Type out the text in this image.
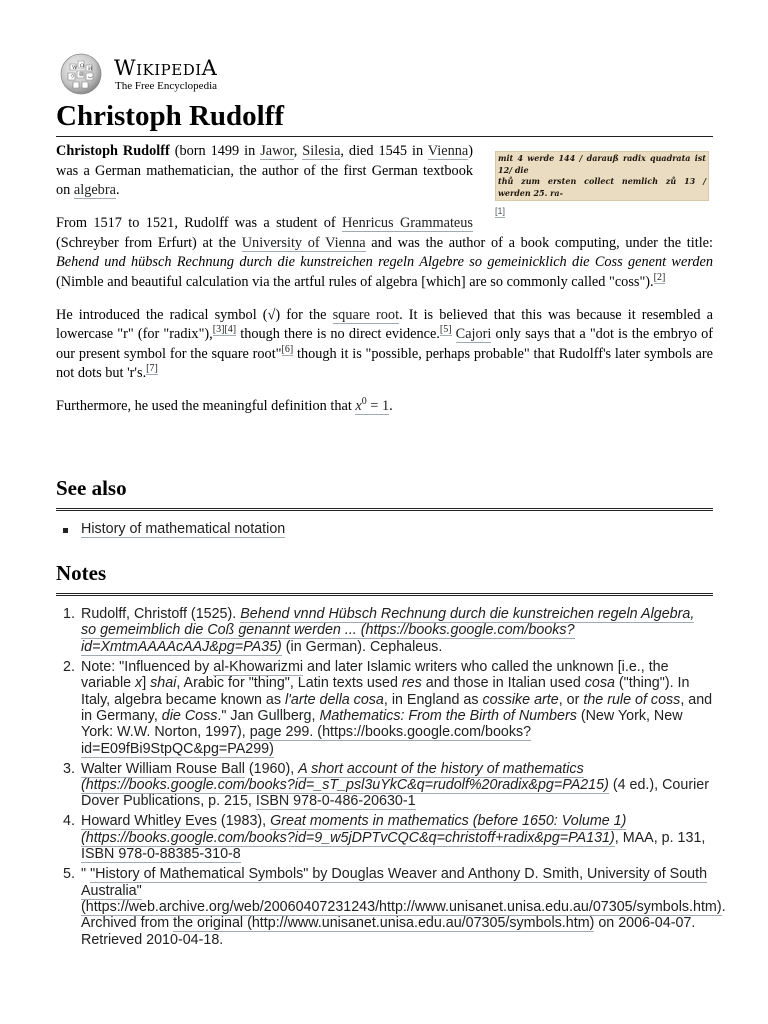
W Ω И
ウ 維 ب WIKIPEDIA
The Free Encyclopedia
Christoph Rudolff
mit 4 werde 144 / darauß radix quadrata ist 12/ die
thů zum ersten collect nemlich zů 13 / werden 25. ra-
[1]

Christoph Rudolff (born 1499 in Jawor, Silesia, died 1545 in Vienna) was a German mathematician, the author of the first German textbook on algebra.

From 1517 to 1521, Rudolff was a student of Henricus Grammateus (Schreyber from Erfurt) at the University of Vienna and was the author of a book computing, under the title: Behend und hübsch Rechnung durch die kunstreichen regeln Algebre so gemeinicklich die Coss genent werden (Nimble and beautiful calculation via the artful rules of algebra [which] are so commonly called "coss").[2]

He introduced the radical symbol (√) for the square root. It is believed that this was because it resembled a lowercase "r" (for "radix"),[3][4] though there is no direct evidence.[5] Cajori only says that a "dot is the embryo of our present symbol for the square root"[6] though it is "possible, perhaps probable" that Rudolff's later symbols are not dots but 'r's.[7]

Furthermore, he used the meaningful definition that $x^0 = 1$.

See also
History of mathematical notation
Notes
1. Rudolff, Christoff (1525). Behend vnnd Hübsch Rechnung durch die kunstreichen regeln Algebra, so gemeimblich die Coß genannt werden ... (https://books.google.com/books?id=XmtmAAAAcAAJ&pg=PA35) (in German). Cephaleus.
2. Note: "Influenced by al-Khowarizmi and later Islamic writers who called the unknown [i.e., the variable x] shai, Arabic for "thing", Latin texts used res and those in Italian used cosa ("thing"). In Italy, algebra became known as l'arte della cosa, in England as cossike arte, or the rule of coss, and in Germany, die Coss." Jan Gullberg, Mathematics: From the Birth of Numbers (New York, New York: W.W. Norton, 1997), page 299. (https://books.google.com/books?id=E09fBi9StpQC&pg=PA299)
3. Walter William Rouse Ball (1960), A short account of the history of mathematics (https://books.google.com/books?id=_sT_psl3uYkC&q=rudolf%20radix&pg=PA215) (4 ed.), Courier Dover Publications, p. 215, ISBN 978-0-486-20630-1
4. Howard Whitley Eves (1983), Great moments in mathematics (before 1650: Volume 1) (https://books.google.com/books?id=9_w5jDPTvCQC&q=christoff+radix&pg=PA131), MAA, p. 131, ISBN 978-0-88385-310-8
5. " "History of Mathematical Symbols" by Douglas Weaver and Anthony D. Smith, University of South Australia" (https://web.archive.org/web/20060407231243/http://www.unisanet.unisa.edu.au/07305/symbols.htm). Archived from the original (http://www.unisanet.unisa.edu.au/07305/symbols.htm) on 2006-04-07. Retrieved 2010-04-18.
